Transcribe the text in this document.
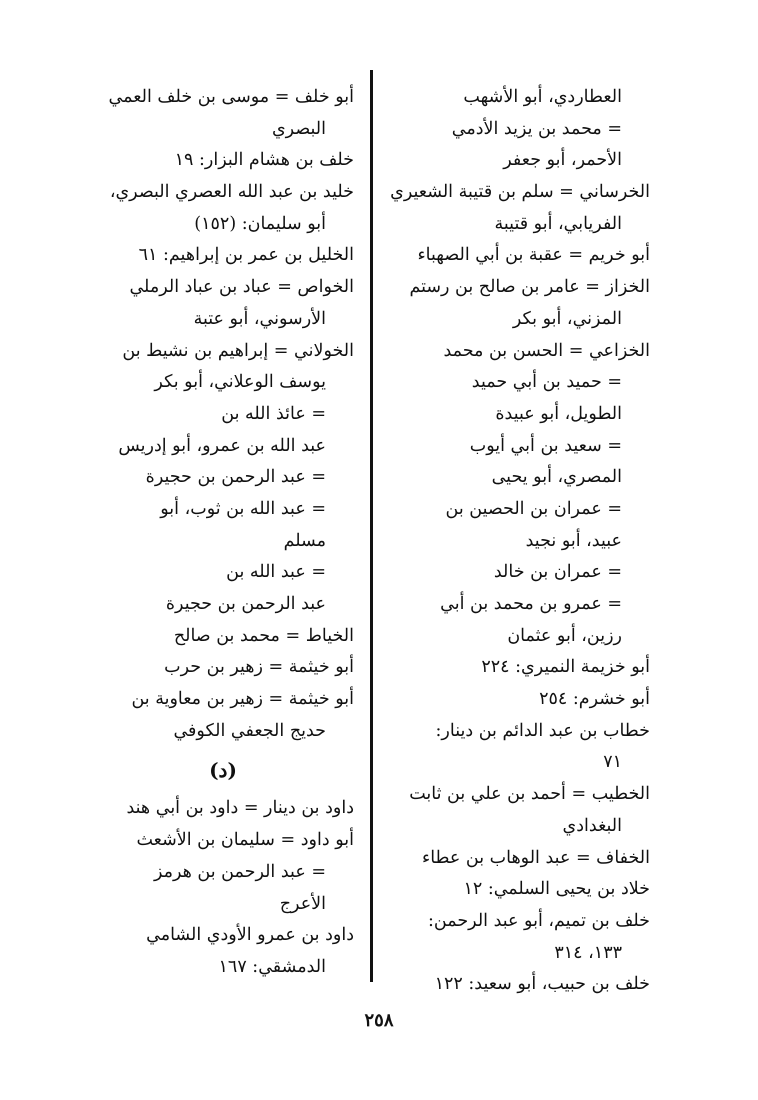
العطاردي، أبو الأشهب
= محمد بن يزيد الأدمي
الأحمر، أبو جعفر
الخرساني = سلم بن قتيبة الشعيري
الفريابي، أبو قتيبة
أبو خريم = عقبة بن أبي الصهباء
الخزاز = عامر بن صالح بن رستم
المزني، أبو بكر
الخزاعي = الحسن بن محمد
= حميد بن أبي حميد
الطويل، أبو عبيدة
= سعيد بن أبي أيوب
المصري، أبو يحيى
= عمران بن الحصين بن
عبيد، أبو نجيد
= عمران بن خالد
= عمرو بن محمد بن أبي
رزين، أبو عثمان
أبو خزيمة النميري: ٢٢٤
أبو خشرم: ٢٥٤
خطاب بن عبد الدائم بن دينار:
٧١
الخطيب = أحمد بن علي بن ثابت
البغدادي
الخفاف = عبد الوهاب بن عطاء
خلاد بن يحيى السلمي: ١٢
خلف بن تميم، أبو عبد الرحمن:
١٣٣، ٣١٤
خلف بن حبيب، أبو سعيد: ١٢٢
أبو خلف = موسى بن خلف العمي
البصري
خلف بن هشام البزار: ١٩
خليد بن عبد الله العصري البصري،
أبو سليمان: (١٥٢)
الخليل بن عمر بن إبراهيم: ٦١
الخواص = عباد بن عباد الرملي
الأرسوني، أبو عتبة
الخولاني = إبراهيم بن نشيط بن
يوسف الوعلاني، أبو بكر
= عائذ الله بن
عبد الله بن عمرو، أبو إدريس
= عبد الرحمن بن حجيرة
= عبد الله بن ثوب، أبو
مسلم
= عبد الله بن
عبد الرحمن بن حجيرة
الخياط = محمد بن صالح
أبو خيثمة = زهير بن حرب
أبو خيثمة = زهير بن معاوية بن
حديج الجعفي الكوفي
(د)
داود بن دينار = داود بن أبي هند
أبو داود = سليمان بن الأشعث
= عبد الرحمن بن هرمز
الأعرج
داود بن عمرو الأودي الشامي
الدمشقي: ١٦٧
٢٥٨
